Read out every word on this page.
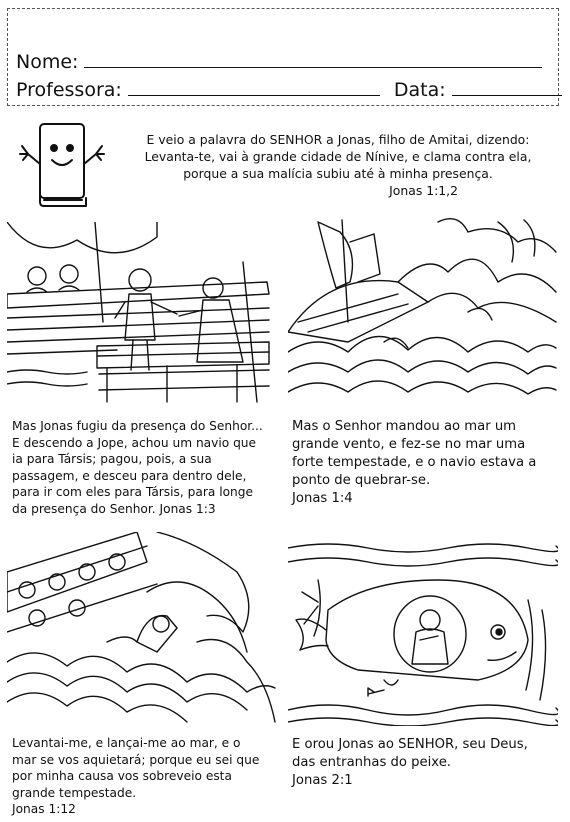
Nome:
Professora:	Data:
E veio a palavra do SENHOR a Jonas, filho de Amitai, dizendo:
Levanta-te, vai à grande cidade de Nínive, e clama contra ela,
porque a sua malícia subiu até à minha presença.
Jonas 1:1,2
Mas Jonas fugiu da presença do Senhor...
E descendo a Jope, achou um navio que
ia para Társis; pagou, pois, a sua
passagem, e desceu para dentro dele,
para ir com eles para Társis, para longe
da presença do Senhor. Jonas 1:3
Mas o Senhor mandou ao mar um
grande vento, e fez-se no mar uma
forte tempestade, e o navio estava a
ponto de quebrar-se.
Jonas 1:4
Levantai-me, e lançai-me ao mar, e o
mar se vos aquietará; porque eu sei que
por minha causa vos sobreveio esta
grande tempestade.
Jonas 1:12
E orou Jonas ao SENHOR, seu Deus,
das entranhas do peixe.
Jonas 2:1
